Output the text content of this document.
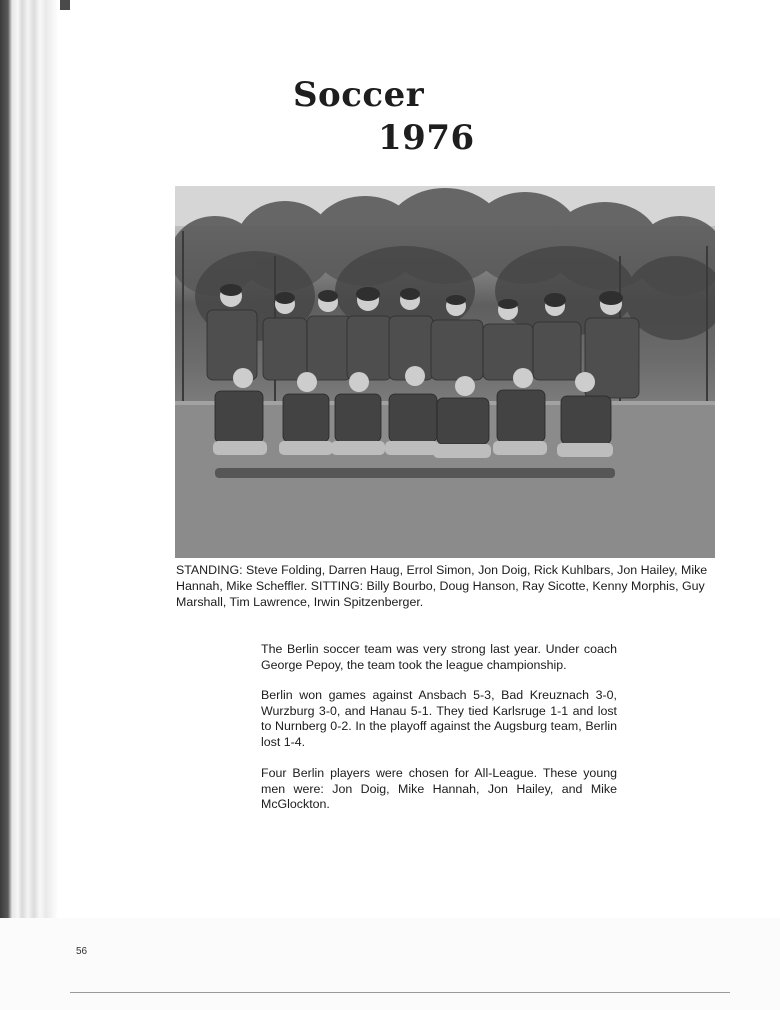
Soccer
1976

STANDING: Steve Folding, Darren Haug, Errol Simon, Jon Doig, Rick Kuhlbars, Jon Hailey, Mike Hannah, Mike Scheffler. SITTING: Billy Bourbo, Doug Hanson, Ray Sicotte, Kenny Morphis, Guy Marshall, Tim Lawrence, Irwin Spitzenberger.

The Berlin soccer team was very strong last year. Under coach George Pepoy, the team took the league championship.

Berlin won games against Ansbach 5-3, Bad Kreuznach 3-0, Wurzburg 3-0, and Hanau 5-1. They tied Karlsruge 1-1 and lost to Nurnberg 0-2. In the playoff against the Augsburg team, Berlin lost 1-4.

Four Berlin players were chosen for All-League. These young men were: Jon Doig, Mike Hannah, Jon Hailey, and Mike McGlockton.

56
